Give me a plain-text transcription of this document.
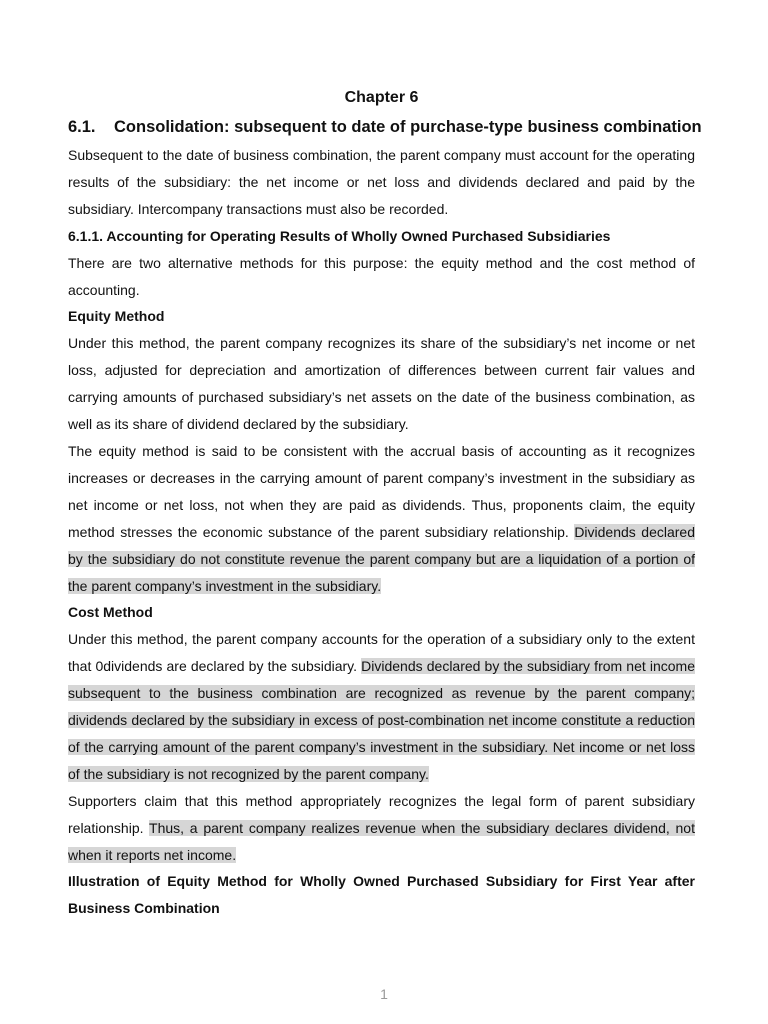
Chapter 6
6.1. Consolidation: subsequent to date of purchase-type business combination

Subsequent to the date of business combination, the parent company must account for the operating results of the subsidiary: the net income or net loss and dividends declared and paid by the subsidiary. Intercompany transactions must also be recorded.

6.1.1. Accounting for Operating Results of Wholly Owned Purchased Subsidiaries

There are two alternative methods for this purpose: the equity method and the cost method of accounting.

Equity Method

Under this method, the parent company recognizes its share of the subsidiary’s net income or net loss, adjusted for depreciation and amortization of differences between current fair values and carrying amounts of purchased subsidiary’s net assets on the date of the business combination, as well as its share of dividend declared by the subsidiary.

The equity method is said to be consistent with the accrual basis of accounting as it recognizes increases or decreases in the carrying amount of parent company’s investment in the subsidiary as net income or net loss, not when they are paid as dividends. Thus, proponents claim, the equity method stresses the economic substance of the parent subsidiary relationship. Dividends declared by the subsidiary do not constitute revenue the parent company but are a liquidation of a portion of the parent company’s investment in the subsidiary.

Cost Method

Under this method, the parent company accounts for the operation of a subsidiary only to the extent that 0dividends are declared by the subsidiary. Dividends declared by the subsidiary from net income subsequent to the business combination are recognized as revenue by the parent company; dividends declared by the subsidiary in excess of post-combination net income constitute a reduction of the carrying amount of the parent company’s investment in the subsidiary. Net income or net loss of the subsidiary is not recognized by the parent company.

Supporters claim that this method appropriately recognizes the legal form of parent subsidiary relationship. Thus, a parent company realizes revenue when the subsidiary declares dividend, not when it reports net income.

Illustration of Equity Method for Wholly Owned Purchased Subsidiary for First Year after Business Combination

1
